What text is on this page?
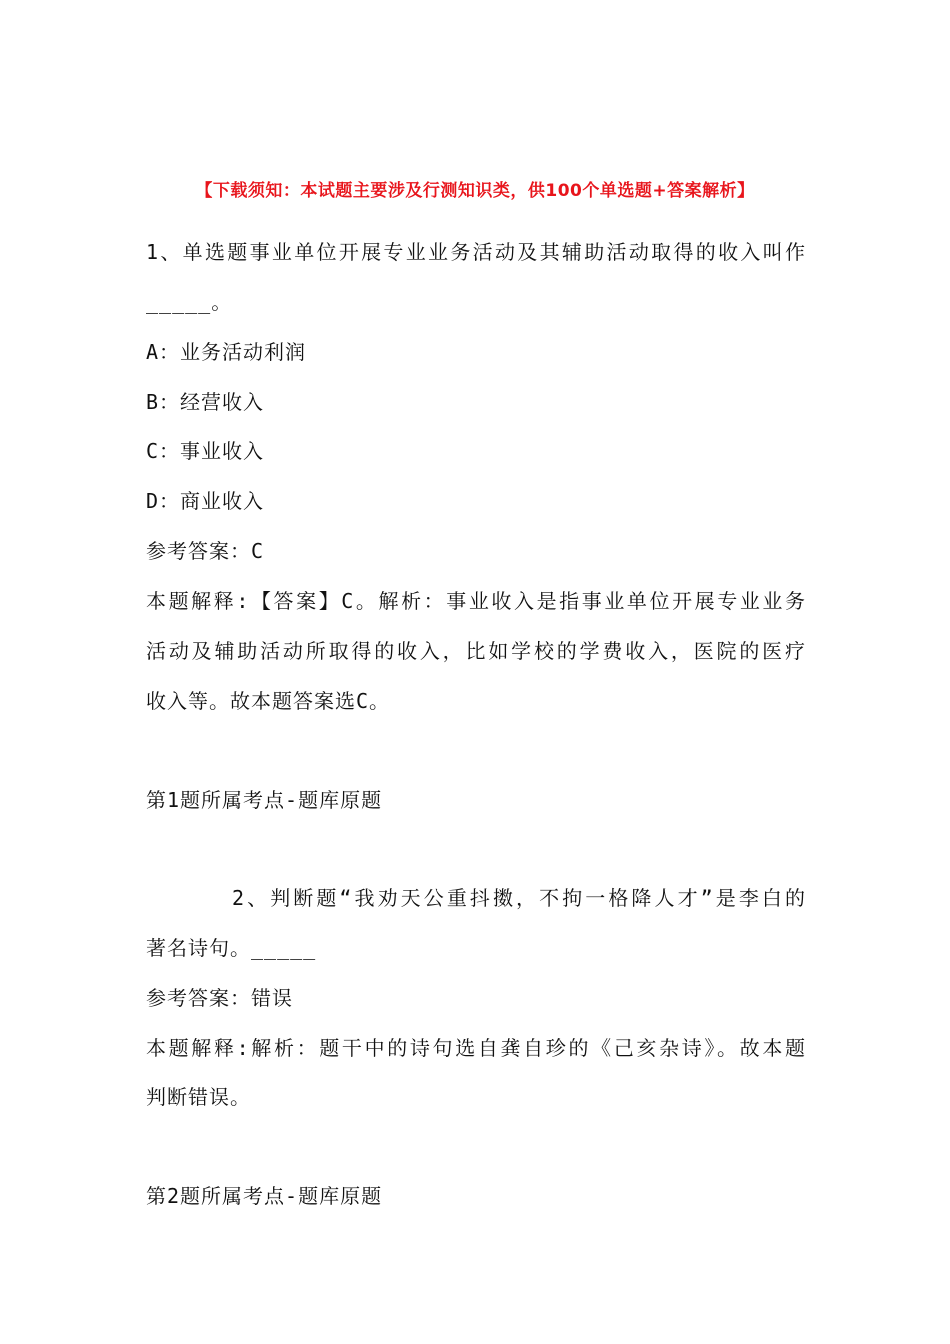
【下载须知：本试题主要涉及行测知识类，供100个单选题+答案解析】
1、单选题事业单位开展专业业务活动及其辅助活动取得的收入叫作
_____。
A：业务活动利润
B：经营收入
C：事业收入
D：商业收入
参考答案：C
本题解释:【答案】C。解析：事业收入是指事业单位开展专业业务
活动及辅助活动所取得的收入，比如学校的学费收入，医院的医疗
收入等。故本题答案选C。
第1题所属考点-题库原题
2、判断题“我劝天公重抖擞，不拘一格降人才”是李白的
著名诗句。_____
参考答案：错误
本题解释:解析：题干中的诗句选自龚自珍的《己亥杂诗》。故本题
判断错误。
第2题所属考点-题库原题
